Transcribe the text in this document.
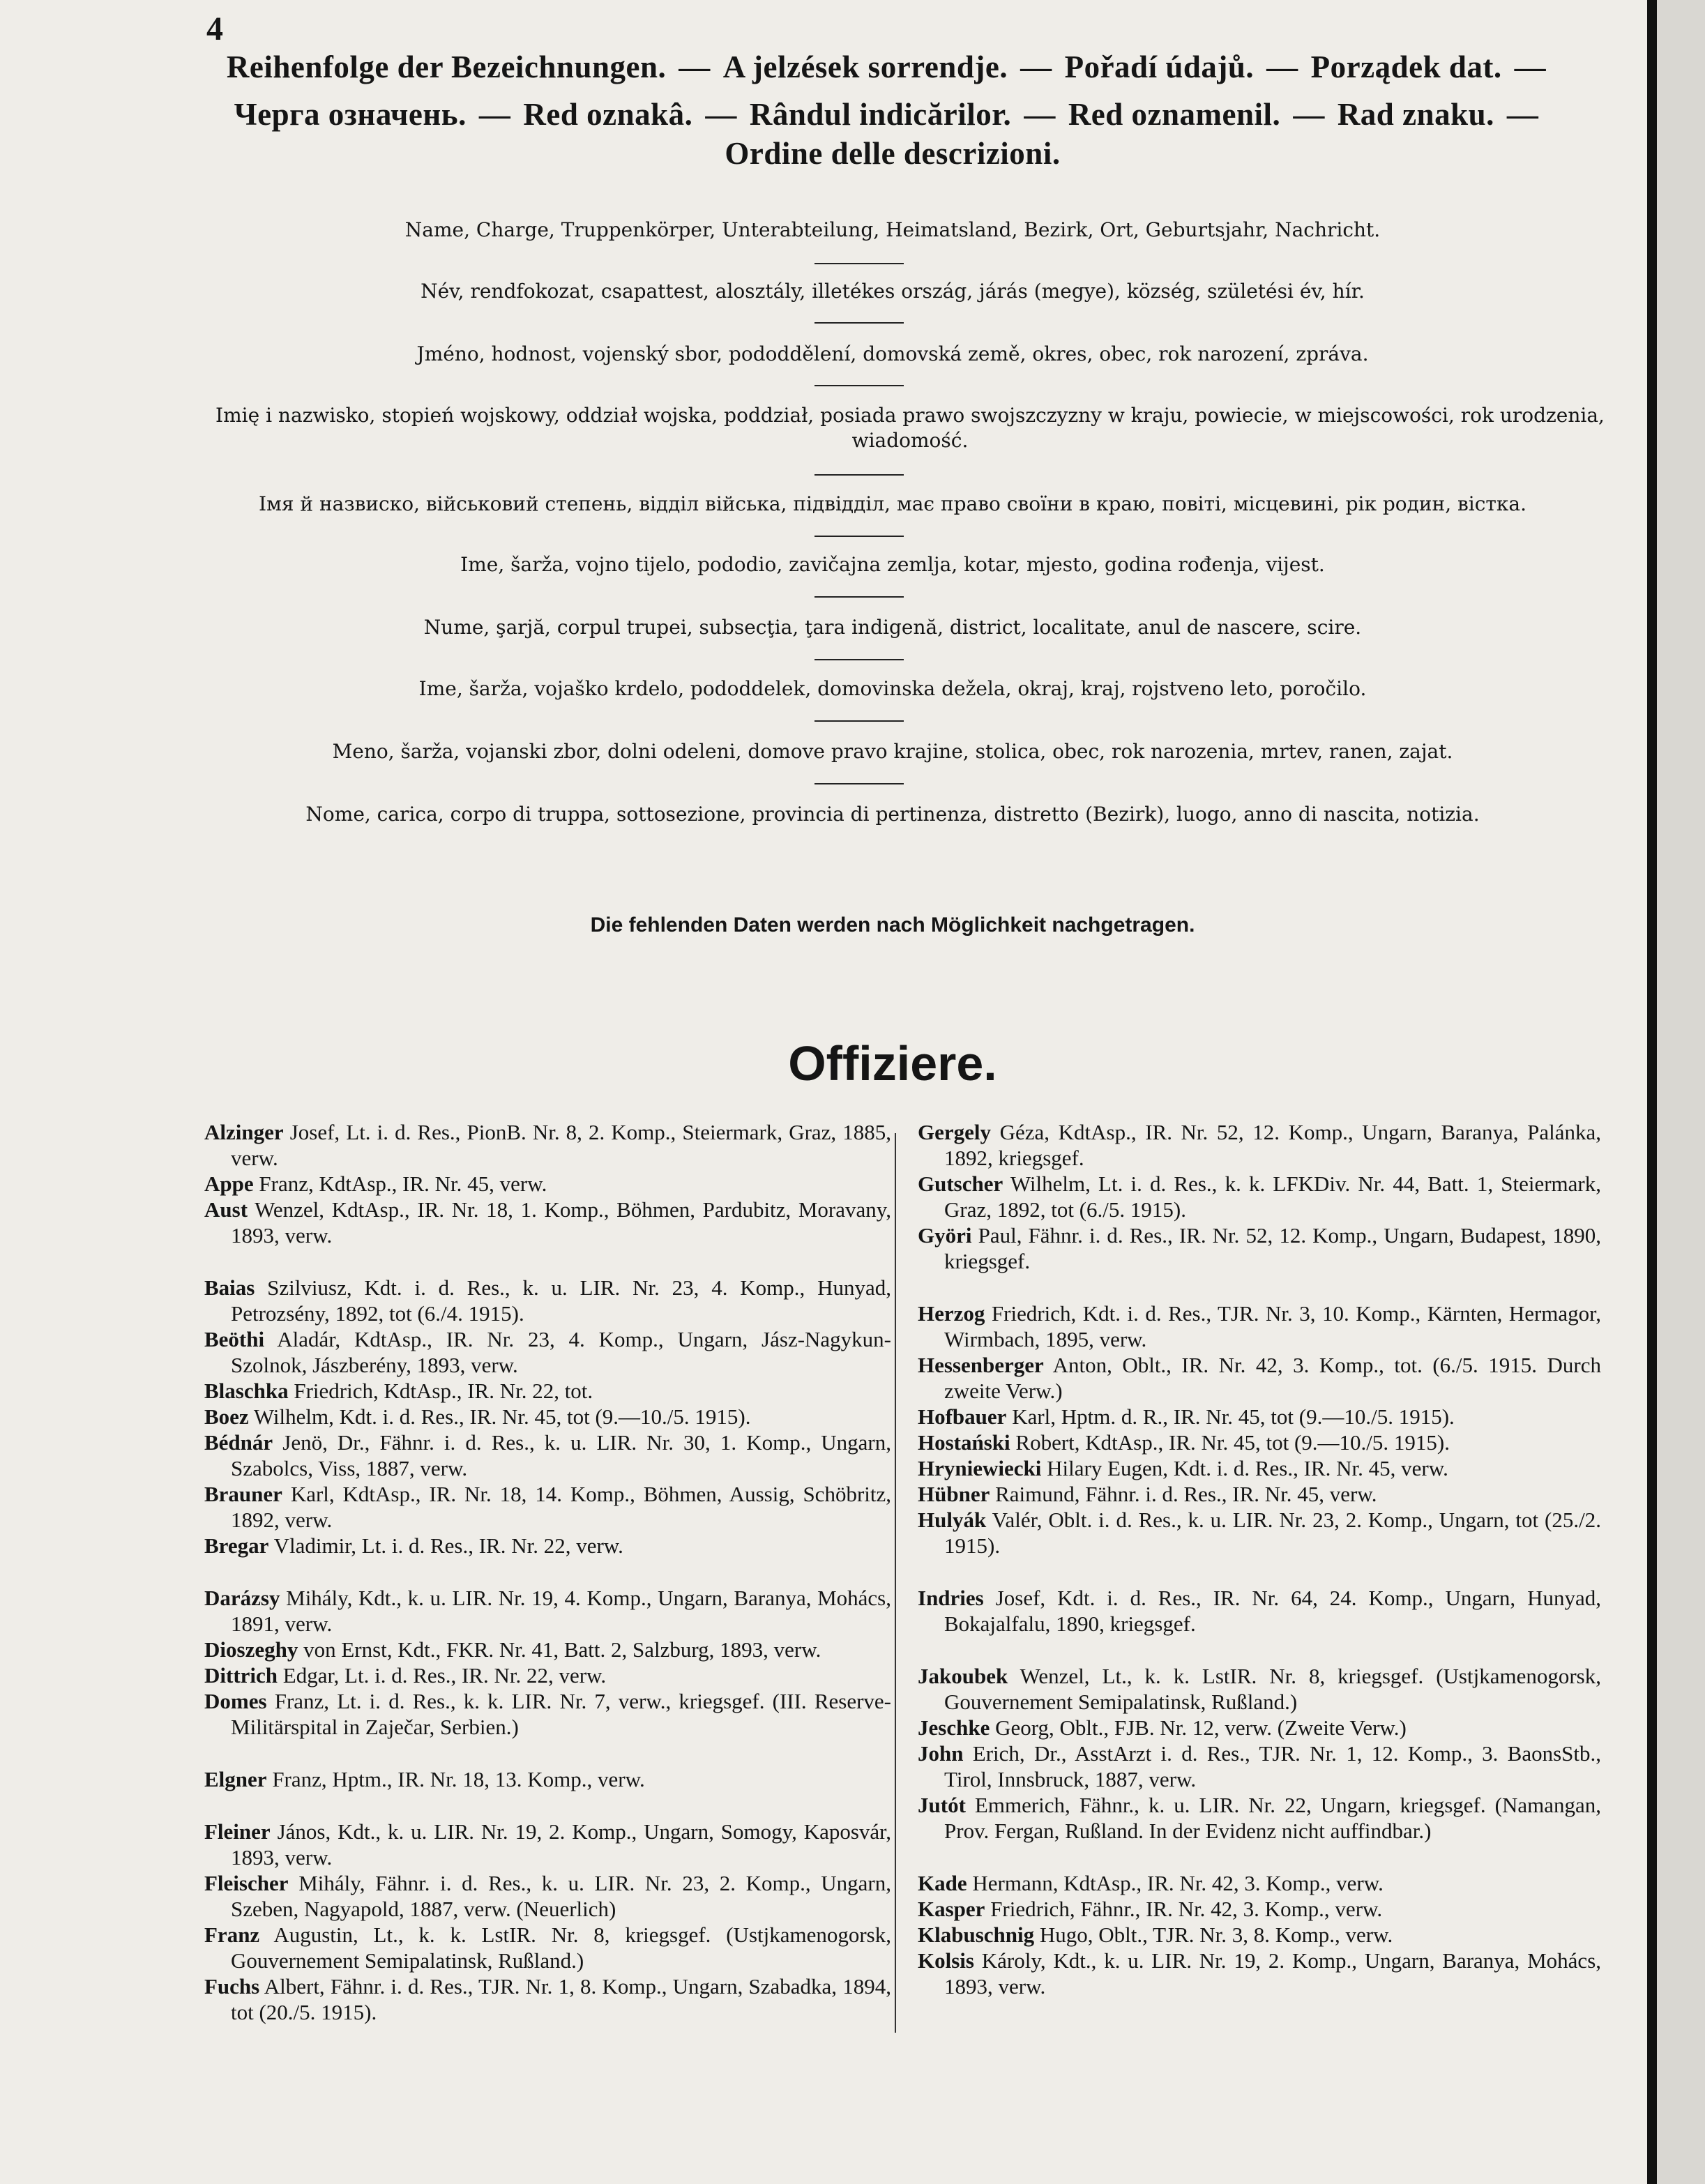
4
Reihenfolge der Bezeichnungen. — A jelzések sorrendje. — Pořadí údajů. — Porządek dat. —
Черга означень. — Red oznakâ. — Rândul indicărilor. — Red oznamenil. — Rad znaku. —
Ordine delle descrizioni.
Name, Charge, Truppenkörper, Unterabteilung, Heimatsland, Bezirk, Ort, Geburtsjahr, Nachricht.
Név, rendfokozat, csapattest, alosztály, illetékes ország, járás (megye), község, születési év, hír.
Jméno, hodnost, vojenský sbor, pododdělení, domovská země, okres, obec, rok narození, zpráva.
Imię i nazwisko, stopień wojskowy, oddział wojska, poddział, posiada prawo swojszczyzny w kraju, powiecie, w miejscowości, rok urodzenia, wiadomość.
Імя й назвиско, військовий степень, відділ війська, підвідділ, має право своїни в краю, повіті, місцевині, рік родин, вістка.
Ime, šarža, vojno tijelo, pododio, zavičajna zemlja, kotar, mjesto, godina rođenja, vijest.
Nume, şarjă, corpul trupei, subsecţia, ţara indigenă, district, localitate, anul de nascere, scire.
Ime, šarža, vojaško krdelo, pododdelek, domovinska dežela, okraj, kraj, rojstveno leto, poročilo.
Meno, šarža, vojanski zbor, dolni odeleni, domove pravo krajine, stolica, obec, rok narozenia, mrtev, ranen, zajat.
Nome, carica, corpo di truppa, sottosezione, provincia di pertinenza, distretto (Bezirk), luogo, anno di nascita, notizia.
Die fehlenden Daten werden nach Möglichkeit nachgetragen.
Offiziere.

Alzinger Josef, Lt. i. d. Res., PionB. Nr. 8, 2. Komp., Steiermark, Graz, 1885, verw.

Appe Franz, KdtAsp., IR. Nr. 45, verw.

Aust Wenzel, KdtAsp., IR. Nr. 18, 1. Komp., Böhmen, Pardubitz, Moravany, 1893, verw.

Baias Szilviusz, Kdt. i. d. Res., k. u. LIR. Nr. 23, 4. Komp., Hunyad, Petrozsény, 1892, tot (6./4. 1915).

Beöthi Aladár, KdtAsp., IR. Nr. 23, 4. Komp., Ungarn, Jász-Nagykun-Szolnok, Jászberény, 1893, verw.

Blaschka Friedrich, KdtAsp., IR. Nr. 22, tot.

Boez Wilhelm, Kdt. i. d. Res., IR. Nr. 45, tot (9.—10./5. 1915).

Bédnár Jenö, Dr., Fähnr. i. d. Res., k. u. LIR. Nr. 30, 1. Komp., Ungarn, Szabolcs, Viss, 1887, verw.

Brauner Karl, KdtAsp., IR. Nr. 18, 14. Komp., Böhmen, Aussig, Schöbritz, 1892, verw.

Bregar Vladimir, Lt. i. d. Res., IR. Nr. 22, verw.

Darázsy Mihály, Kdt., k. u. LIR. Nr. 19, 4. Komp., Ungarn, Baranya, Mohács, 1891, verw.

Dioszeghy von Ernst, Kdt., FKR. Nr. 41, Batt. 2, Salzburg, 1893, verw.

Dittrich Edgar, Lt. i. d. Res., IR. Nr. 22, verw.

Domes Franz, Lt. i. d. Res., k. k. LIR. Nr. 7, verw., kriegsgef. (III. Reserve-Militärspital in Zaječar, Serbien.)

Elgner Franz, Hptm., IR. Nr. 18, 13. Komp., verw.

Fleiner János, Kdt., k. u. LIR. Nr. 19, 2. Komp., Ungarn, Somogy, Kaposvár, 1893, verw.

Fleischer Mihály, Fähnr. i. d. Res., k. u. LIR. Nr. 23, 2. Komp., Ungarn, Szeben, Nagyapold, 1887, verw. (Neuerlich)

Franz Augustin, Lt., k. k. LstIR. Nr. 8, kriegsgef. (Ustjkamenogorsk, Gouvernement Semipalatinsk, Rußland.)

Fuchs Albert, Fähnr. i. d. Res., TJR. Nr. 1, 8. Komp., Ungarn, Szabadka, 1894, tot (20./5. 1915).

Gergely Géza, KdtAsp., IR. Nr. 52, 12. Komp., Ungarn, Baranya, Palánka, 1892, kriegsgef.

Gutscher Wilhelm, Lt. i. d. Res., k. k. LFKDiv. Nr. 44, Batt. 1, Steiermark, Graz, 1892, tot (6./5. 1915).

Györi Paul, Fähnr. i. d. Res., IR. Nr. 52, 12. Komp., Ungarn, Budapest, 1890, kriegsgef.

Herzog Friedrich, Kdt. i. d. Res., TJR. Nr. 3, 10. Komp., Kärnten, Hermagor, Wirmbach, 1895, verw.

Hessenberger Anton, Oblt., IR. Nr. 42, 3. Komp., tot. (6./5. 1915. Durch zweite Verw.)

Hofbauer Karl, Hptm. d. R., IR. Nr. 45, tot (9.—10./5. 1915).

Hostański Robert, KdtAsp., IR. Nr. 45, tot (9.—10./5. 1915).

Hryniewiecki Hilary Eugen, Kdt. i. d. Res., IR. Nr. 45, verw.

Hübner Raimund, Fähnr. i. d. Res., IR. Nr. 45, verw.

Hulyák Valér, Oblt. i. d. Res., k. u. LIR. Nr. 23, 2. Komp., Ungarn, tot (25./2. 1915).

Indries Josef, Kdt. i. d. Res., IR. Nr. 64, 24. Komp., Ungarn, Hunyad, Bokajalfalu, 1890, kriegsgef.

Jakoubek Wenzel, Lt., k. k. LstIR. Nr. 8, kriegsgef. (Ustjkamenogorsk, Gouvernement Semipalatinsk, Rußland.)

Jeschke Georg, Oblt., FJB. Nr. 12, verw. (Zweite Verw.)

John Erich, Dr., AsstArzt i. d. Res., TJR. Nr. 1, 12. Komp., 3. BaonsStb., Tirol, Innsbruck, 1887, verw.

Jutót Emmerich, Fähnr., k. u. LIR. Nr. 22, Ungarn, kriegsgef. (Namangan, Prov. Fergan, Rußland. In der Evidenz nicht auffindbar.)

Kade Hermann, KdtAsp., IR. Nr. 42, 3. Komp., verw.

Kasper Friedrich, Fähnr., IR. Nr. 42, 3. Komp., verw.

Klabuschnig Hugo, Oblt., TJR. Nr. 3, 8. Komp., verw.

Kolsis Károly, Kdt., k. u. LIR. Nr. 19, 2. Komp., Ungarn, Baranya, Mohács, 1893, verw.
